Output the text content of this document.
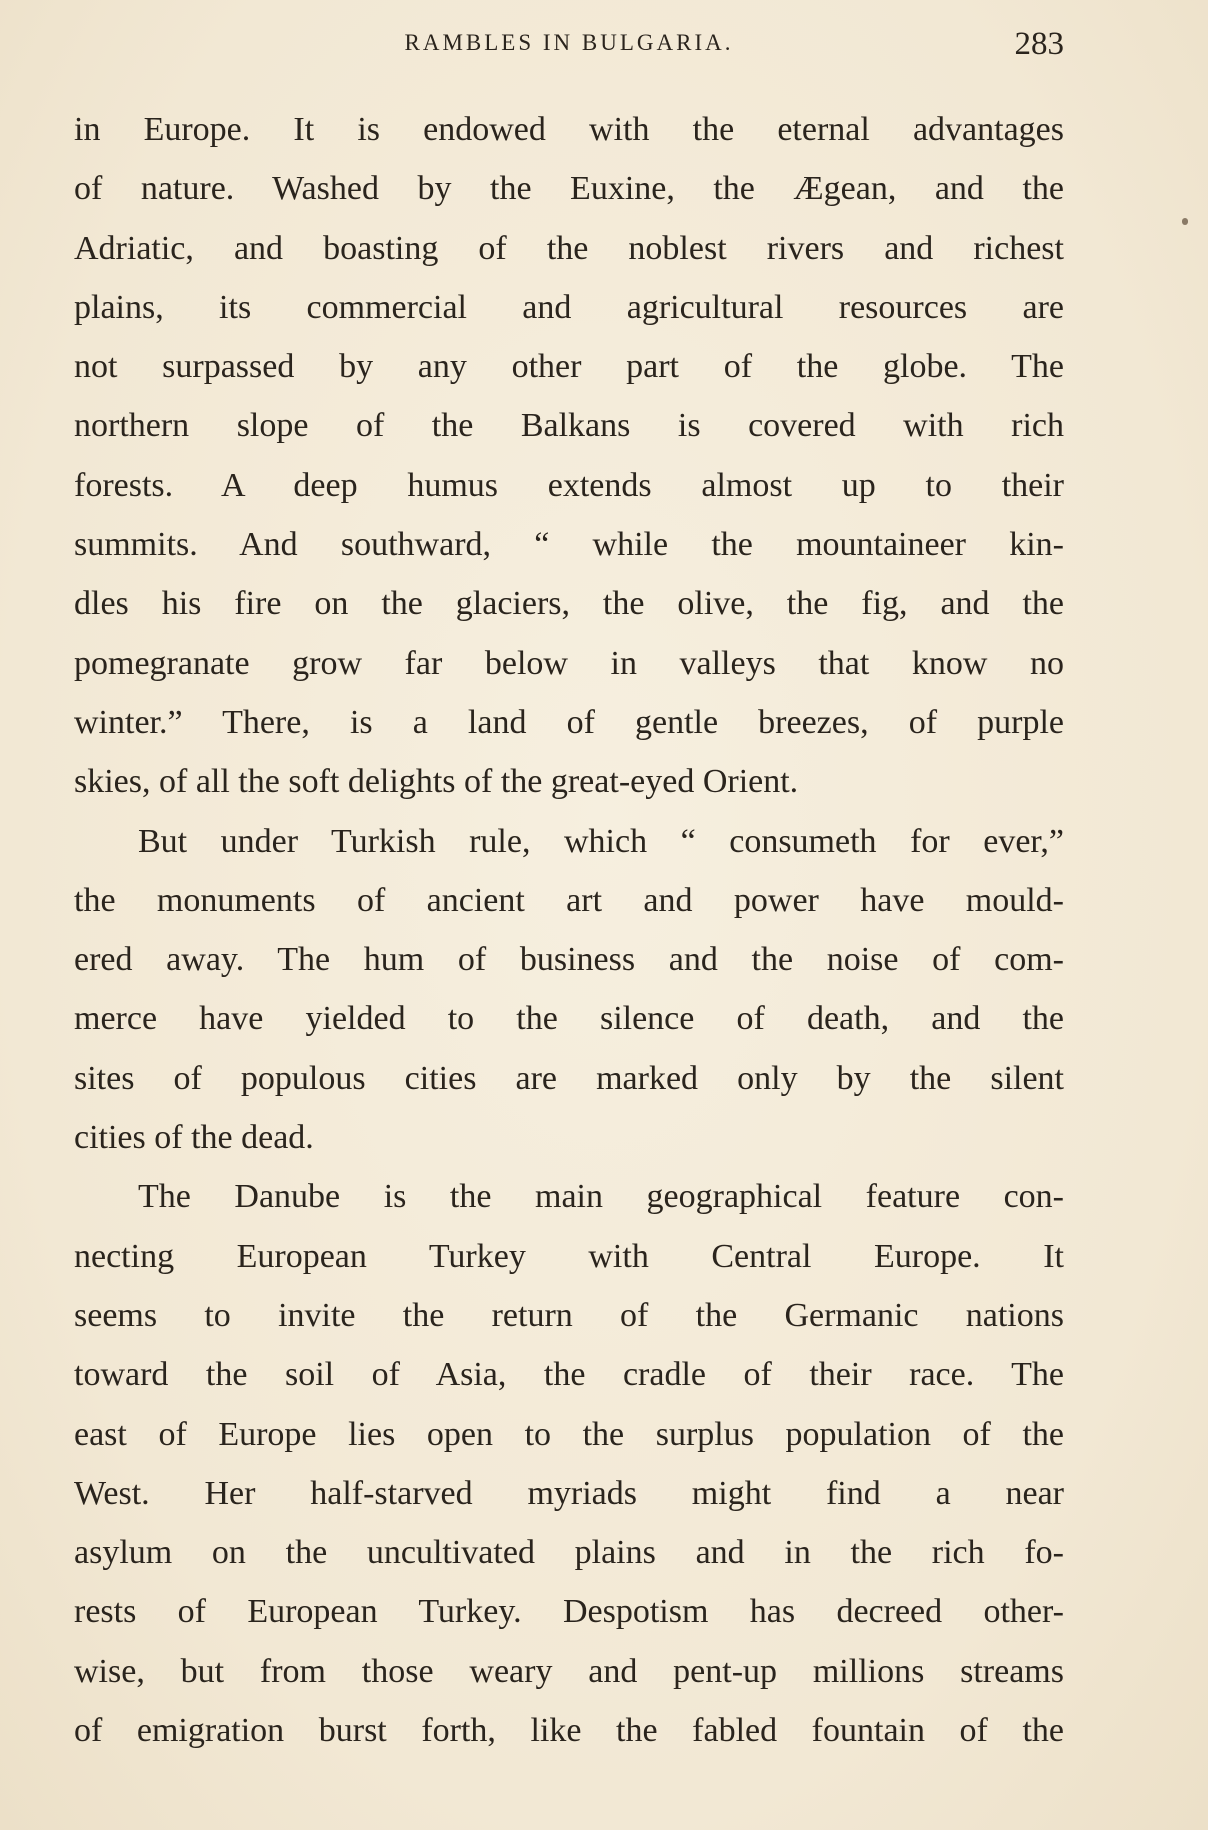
RAMBLES IN BULGARIA.	283
in Europe. It is endowed with the eternal advantages
of nature. Washed by the Euxine, the Ægean, and the
Adriatic, and boasting of the noblest rivers and richest
plains, its commercial and agricultural resources are
not surpassed by any other part of the globe. The
northern slope of the Balkans is covered with rich
forests. A deep humus extends almost up to their
summits. And southward, “ while the mountaineer kin-
dles his fire on the glaciers, the olive, the fig, and the
pomegranate grow far below in valleys that know no
winter.” There, is a land of gentle breezes, of purple
skies, of all the soft delights of the great-eyed Orient.
But under Turkish rule, which “ consumeth for ever,”
the monuments of ancient art and power have mould-
ered away. The hum of business and the noise of com-
merce have yielded to the silence of death, and the
sites of populous cities are marked only by the silent
cities of the dead.
The Danube is the main geographical feature con-
necting European Turkey with Central Europe. It
seems to invite the return of the Germanic nations
toward the soil of Asia, the cradle of their race. The
east of Europe lies open to the surplus population of the
West. Her half-starved myriads might find a near
asylum on the uncultivated plains and in the rich fo-
rests of European Turkey. Despotism has decreed other-
wise, but from those weary and pent-up millions streams
of emigration burst forth, like the fabled fountain of the
